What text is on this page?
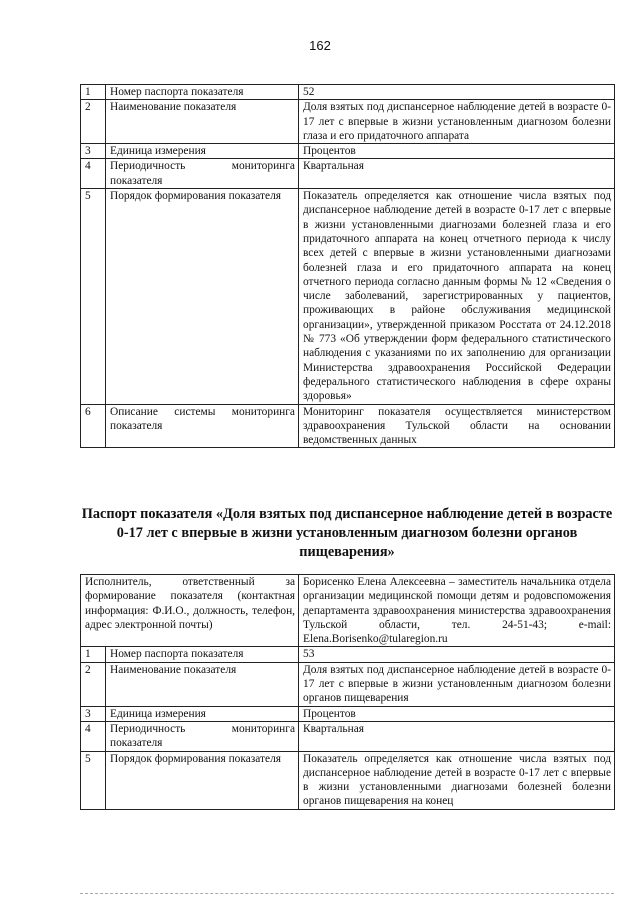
162
1	Номер паспорта показателя	52
2	Наименование показателя	Доля взятых под диспансерное наблюдение детей в возрасте 0-17 лет с впервые в жизни установленным диагнозом болезни глаза и его придаточного аппарата
3	Единица измерения	Процентов
4	Периодичность мониторинга показателя	Квартальная
5	Порядок формирования показателя	Показатель определяется как отношение числа взятых под диспансерное наблюдение детей в возрасте 0-17 лет с впервые в жизни установленными диагнозами болезней глаза и его придаточного аппарата на конец отчетного периода к числу всех детей с впервые в жизни установленными диагнозами болезней глаза и его придаточного аппарата на конец отчетного периода согласно данным формы № 12 «Сведения о числе заболеваний, зарегистрированных у пациентов, проживающих в районе обслуживания медицинской организации», утвержденной приказом Росстата от 24.12.2018 № 773 «Об утверждении форм федерального статистического наблюдения с указаниями по их заполнению для организации Министерства здравоохранения Российской Федерации федерального статистического наблюдения в сфере охраны здоровья»
6	Описание системы мониторинга показателя	Мониторинг показателя осуществляется министерством здравоохранения Тульской области на основании ведомственных данных
Паспорт показателя «Доля взятых под диспансерное наблюдение детей в возрасте 0-17 лет с впервые в жизни установленным диагнозом болезни органов пищеварения»
Исполнитель, ответственный за формирование показателя (контактная информация: Ф.И.О., должность, телефон, адрес электронной почты)		Борисенко Елена Алексеевна – заместитель начальника отдела организации медицинской помощи детям и родовспоможения департамента здравоохранения министерства здравоохранения Тульской области, тел. 24-51-43; e-mail: Elena.Borisenko@tularegion.ru
1	Номер паспорта показателя	53
2	Наименование показателя	Доля взятых под диспансерное наблюдение детей в возрасте 0-17 лет с впервые в жизни установленным диагнозом болезни органов пищеварения
3	Единица измерения	Процентов
4	Периодичность мониторинга показателя	Квартальная
5	Порядок формирования показателя	Показатель определяется как отношение числа взятых под диспансерное наблюдение детей в возрасте 0-17 лет с впервые в жизни установленными диагнозами болезней болезни органов пищеварения на конец
